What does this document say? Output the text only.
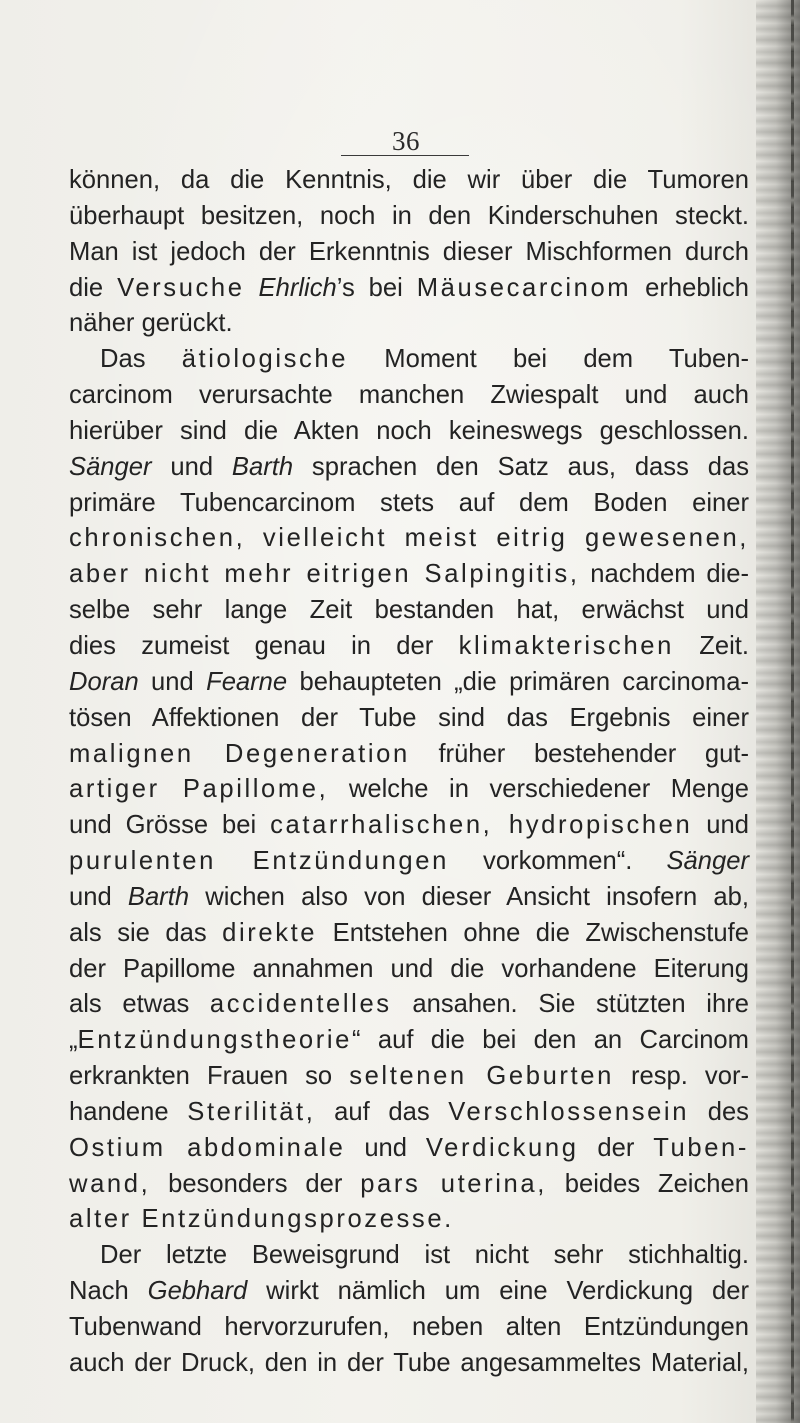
36
können, da die Kenntnis, die wir über die Tumoren
überhaupt besitzen, noch in den Kinderschuhen steckt.
Man ist jedoch der Erkenntnis dieser Mischformen durch
die Versuche Ehrlich’s bei Mäusecarcinom erheblich
näher gerückt.
Das ätiologische Moment bei dem Tuben-
carcinom verursachte manchen Zwiespalt und auch
hierüber sind die Akten noch keineswegs geschlossen.
Sänger und Barth sprachen den Satz aus, dass das
primäre Tubencarcinom stets auf dem Boden einer
chronischen, vielleicht meist eitrig gewesenen,
aber nicht mehr eitrigen Salpingitis, nachdem die-
selbe sehr lange Zeit bestanden hat, erwächst und
dies zumeist genau in der klimakterischen Zeit.
Doran und Fearne behaupteten „die primären carcinoma-
tösen Affektionen der Tube sind das Ergebnis einer
malignen Degeneration früher bestehender gut-
artiger Papillome, welche in verschiedener Menge
und Grösse bei catarrhalischen, hydropischen und
purulenten Entzündungen vorkommen“. Sänger
und Barth wichen also von dieser Ansicht insofern ab,
als sie das direkte Entstehen ohne die Zwischenstufe
der Papillome annahmen und die vorhandene Eiterung
als etwas accidentelles ansahen. Sie stützten ihre
„Entzündungstheorie“ auf die bei den an Carcinom
erkrankten Frauen so seltenen Geburten resp. vor-
handene Sterilität, auf das Verschlossensein des
Ostium abdominale und Verdickung der Tuben-
wand, besonders der pars uterina, beides Zeichen
alter Entzündungsprozesse.
Der letzte Beweisgrund ist nicht sehr stichhaltig.
Nach Gebhard wirkt nämlich um eine Verdickung der
Tubenwand hervorzurufen, neben alten Entzündungen
auch der Druck, den in der Tube angesammeltes Material,
